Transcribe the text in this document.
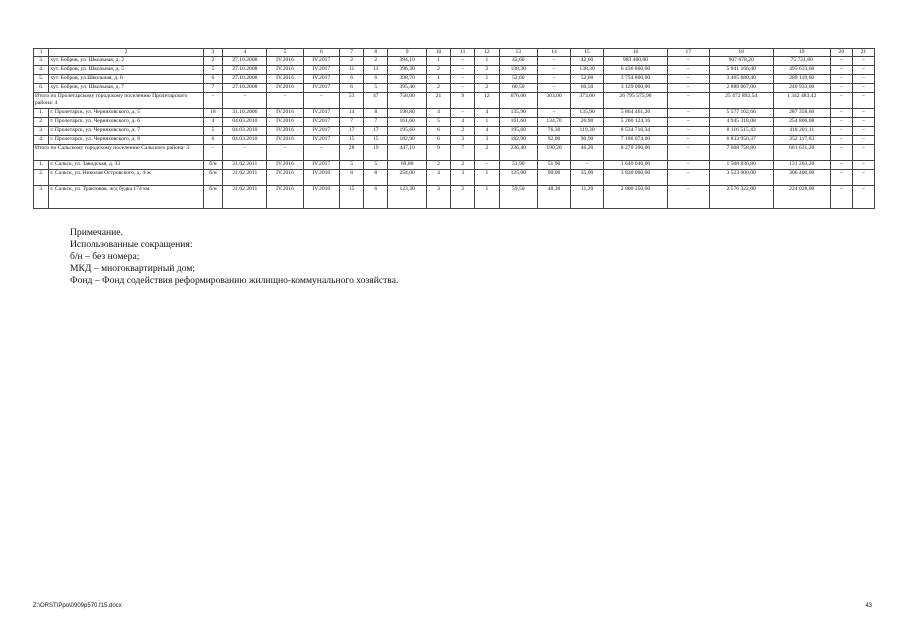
1	2	3	4	5	6	7	8	9	10	11	12	13	14	15	16	17	18	19	20	21
3.	хут. Бобров, ул. Школьная, д. 2	2	27.10.2008	IV.2016	IV.2017	2	2	394,10	1	–	1	42,60	–	42,60	983 400,00	–	907 678,20	75 721,80	–	–
4.	хут. Бобров, ул. Школьная, д. 5	5	27.10.2008	IV.2016	IV.2017	11	11	396,30	2	–	2	138,30	–	138,30	6 436 800,00	–	5 941 166,40	495 633,60	–	–
5.	хут. Бобров, ул.Школьная, д. 6	6	27.10.2008	IV.2016	IV.2017	6	6	398,70	1	–	1	52,60	–	52,60	3 754 800,00	–	3 465 680,40	289 119,60	–	–
6.	хут. Бобров, ул. Школьная, д. 7	7	27.10.2008	IV.2016	IV.2017	6	5	395,40	2	–	2	60,50	–	60,50	3 129 000,00	–	2 888 067,00	240 933,00	–	–
Итого по Пролетарскому городскому поселению Пролетарского района: 4		–	–	–	–	53	47	758,00	21	9	12	676,00	303,00	373,00	26 795 575,96	–	25 472 892,54	1 342 483,42	–	–
1.	г. Пролетарск, ул. Черняховского, д. 5	18	31.10.2006	IV.2016	IV.2017	14	8	198,80	4	–	4	135,90	–	135,90	5 864 461,26	–	5 577 102,66	287 358,60	–	–
2.	г. Пролетарск, ул. Черняховского, д. 6	4	04.03.2010	IV.2016	IV.2017	7	7	161,60	5	4	1	161,60	134,70	26,90	5 200 124,16	–	4 945 318,08	254 806,08	–	–
3.	г. Пролетарск, ул. Черняховского, д. 7	5	04.03.2010	IV.2016	IV.2017	17	17	195,60	6	2	4	195,60	76,30	119,30	8 534 716,34	–	8 116 515,43	418 201,11	–	–
4.	г. Пролетарск, ул. Черняховского, д. 8	6	04.03.2010	IV.2016	IV.2017	15	15	182,90	6	3	3	182,90	92,00	90,90	7 186 074,00	–	6 833 956,37	352 117,63	–	–
Итого по Сальскому городскому поселению Сальского района: 3		–	–	–	–	28	19	447,10	9	7	2	236,40	190,20	46,20	8 270 396,00	–	7 608 758,80	661 631,20	–	–
1.	г. Сальск, ул. Заводская, д. 33	б/н	21.02.2011	IV.2016	IV.2017	5	5	69,80	2	2	–	51,90	51,90	–	1 640 046,00	–	1 508 836,80	131 203,20	–	–
2.	г. Сальск, ул. Николая Островского, д. 4-ж	б/н	21.02.2011	IV.2016	IV.2016	8	8	254,00	4	3	1	125,00	90,00	35,00	3 830 000,00	–	3 523 600,00	306 400,00	–	–
3.	г. Сальск, ул. Трактовая, ж/д будка 174 км	б/н	21.02.2011	IV.2016	IV.2016	15	6	123,30	3	2	1	59,50	48,30	11,20	2 800 350,00	–	2 576 322,00	224 028,00	–	–
Примечание.
Использованные сокращения:
б/н – без номера;
МКД – многоквартирный дом;
Фонд – Фонд содействия реформированию жилищно-коммунального хозяйства.
Z:\ORST\Ppo\0909p570.f15.docx	43
